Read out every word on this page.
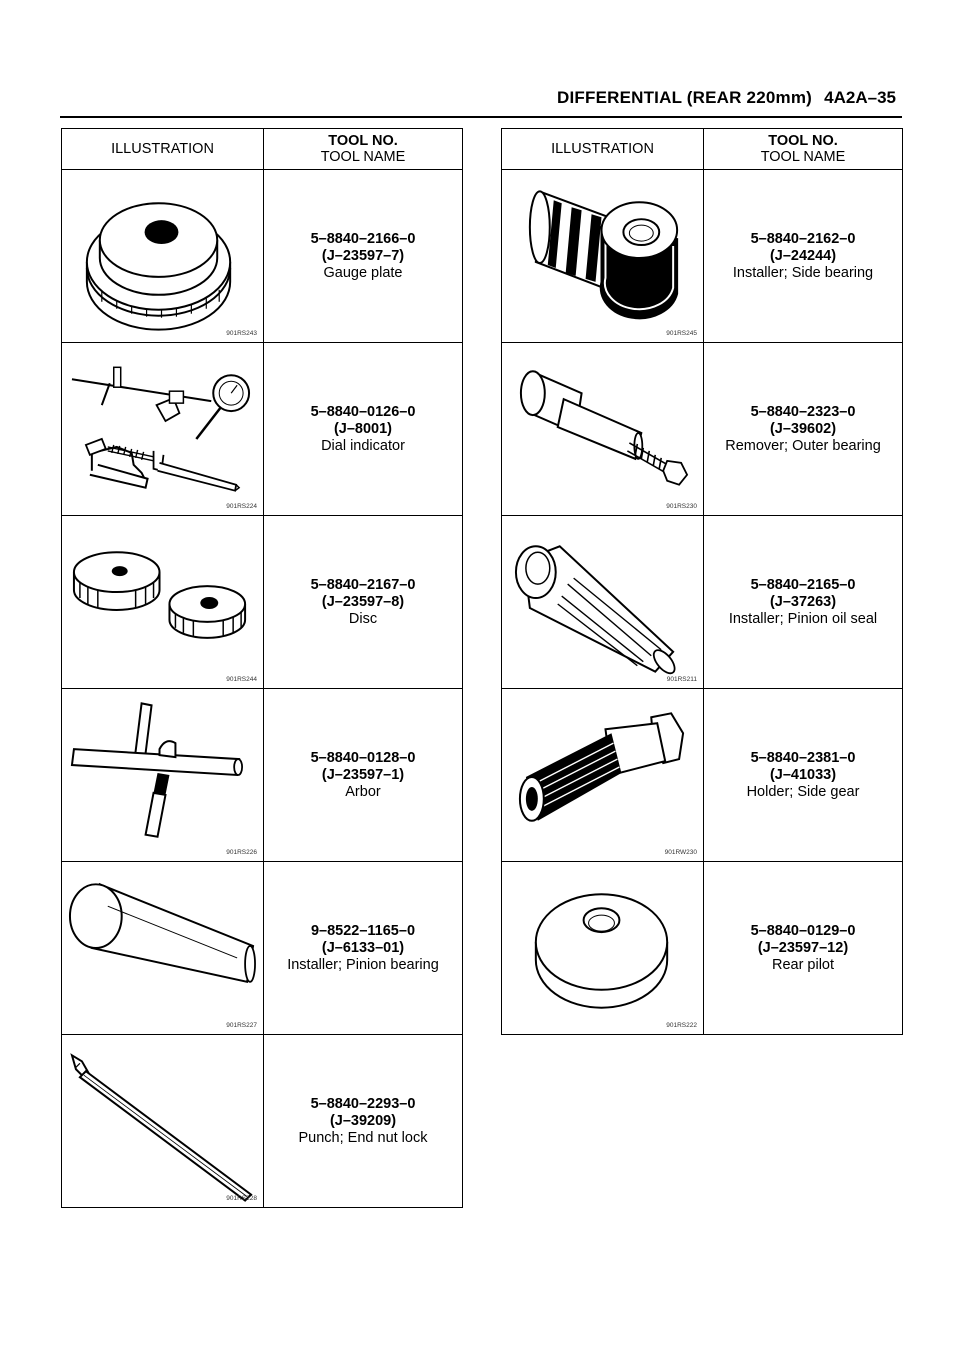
DIFFERENTIAL (REAR 220mm) 4A2A–35
ILLUSTRATION	TOOL NO.
TOOL NAME

901RS243	5–8840–2166–0
(J–23597–7)
Gauge plate

901RS224	5–8840–0126–0
(J–8001)
Dial indicator

901RS244	5–8840–2167–0
(J–23597–8)
Disc

901RS226	5–8840–0128–0
(J–23597–1)
Arbor

901RS227	9–8522–1165–0
(J–6133–01)
Installer; Pinion bearing

901RS228	5–8840–2293–0
(J–39209)
Punch; End nut lock
ILLUSTRATION	TOOL NO.
TOOL NAME

901RS245	5–8840–2162–0
(J–24244)
Installer; Side bearing

901RS230	5–8840–2323–0
(J–39602)
Remover; Outer bearing

901RS211	5–8840–2165–0
(J–37263)
Installer; Pinion oil seal

901RW230	5–8840–2381–0
(J–41033)
Holder; Side gear

901RS222	5–8840–0129–0
(J–23597–12)
Rear pilot
